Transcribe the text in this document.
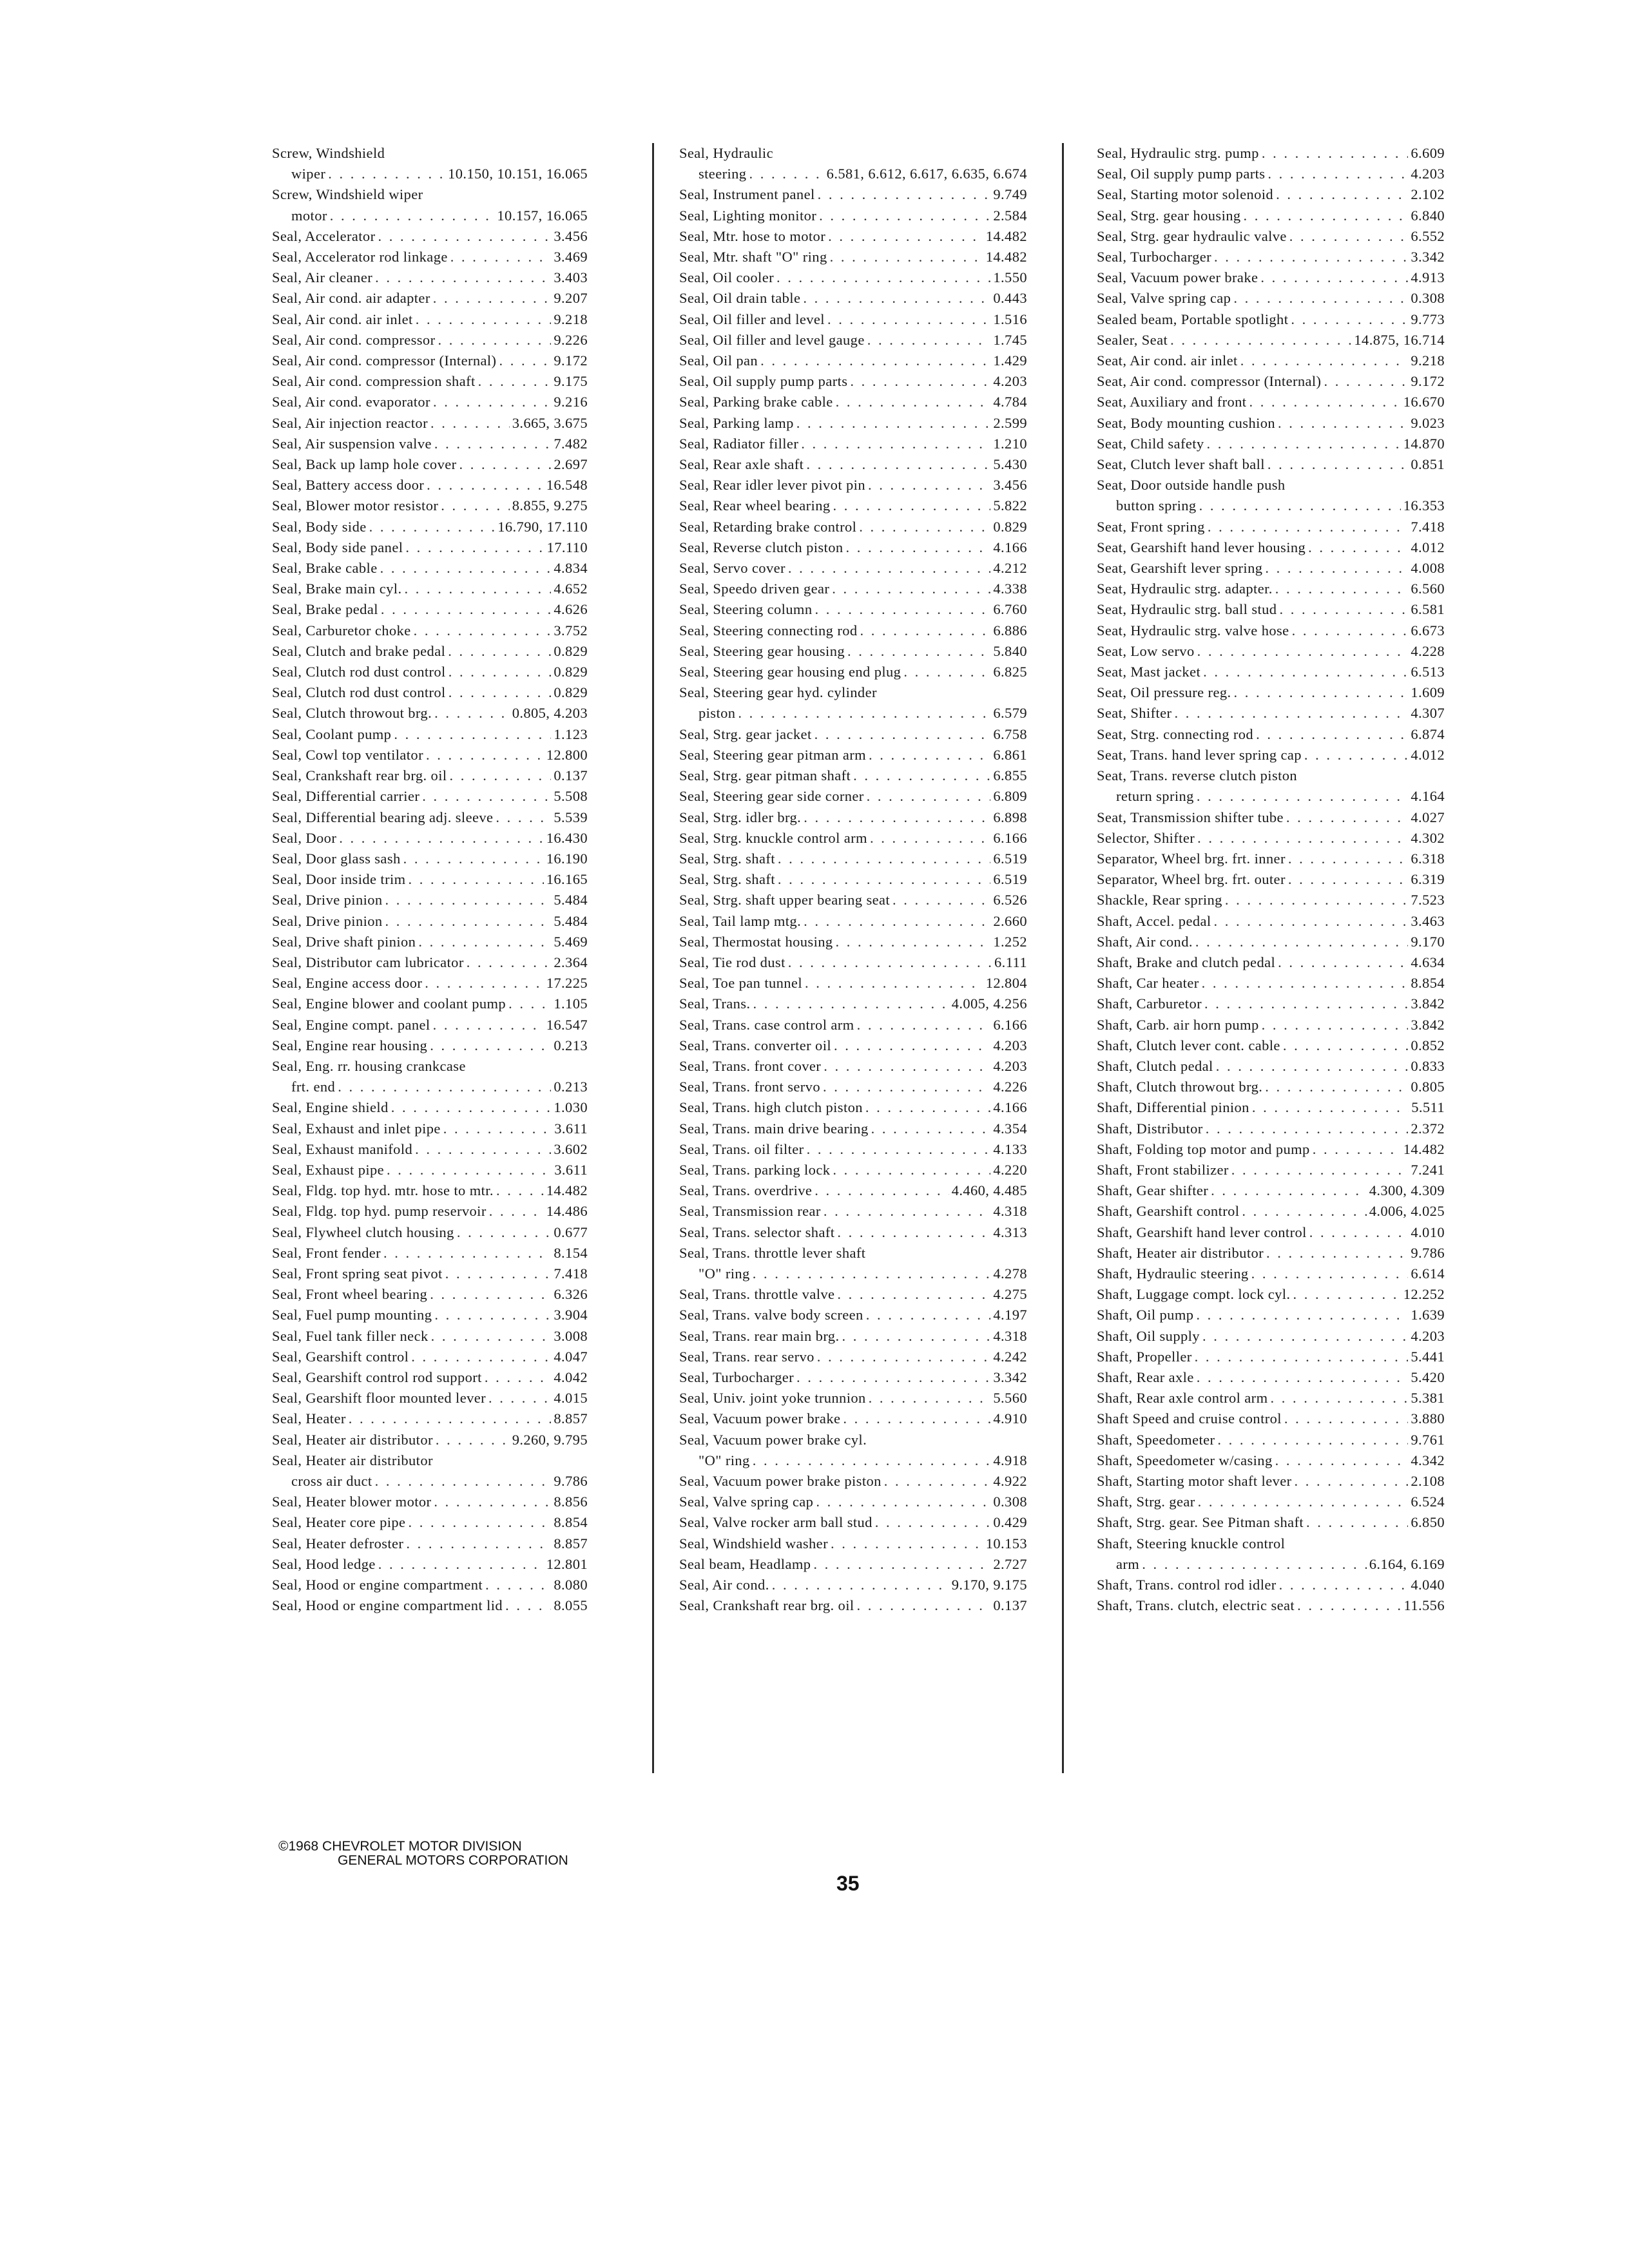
Screw, Windshield
wiper . . .	10.150, 10.151, 16.065
Screw, Windshield wiper
motor . . .	10.157, 16.065
Seal, Accelerator . . .	3.456
Seal, Accelerator rod linkage . . .	3.469
Seal, Air cleaner . . .	3.403
Seal, Air cond. air adapter . . .	9.207
Seal, Air cond. air inlet . . .	9.218
Seal, Air cond. compressor . . .	9.226
Seal, Air cond. compressor (Internal) . . .	9.172
Seal, Air cond. compression shaft . . .	9.175
Seal, Air cond. evaporator . . .	9.216
Seal, Air injection reactor . . .	3.665, 3.675
Seal, Air suspension valve . . .	7.482
Seal, Back up lamp hole cover . . .	2.697
Seal, Battery access door . . .	16.548
Seal, Blower motor resistor . . .	8.855, 9.275
Seal, Body side . . .	16.790, 17.110
Seal, Body side panel . . .	17.110
Seal, Brake cable . . .	4.834
Seal, Brake main cyl. . . .	4.652
Seal, Brake pedal . . .	4.626
Seal, Carburetor choke . . .	3.752
Seal, Clutch and brake pedal . . .	0.829
Seal, Clutch rod dust control . . .	0.829
Seal, Clutch rod dust control . . .	0.829
Seal, Clutch throwout brg. . . .	0.805, 4.203
Seal, Coolant pump . . .	1.123
Seal, Cowl top ventilator . . .	12.800
Seal, Crankshaft rear brg. oil . . .	0.137
Seal, Differential carrier . . .	5.508
Seal, Differential bearing adj. sleeve . . .	5.539
Seal, Door . . .	16.430
Seal, Door glass sash . . .	16.190
Seal, Door inside trim . . .	16.165
Seal, Drive pinion . . .	5.484
Seal, Drive pinion . . .	5.484
Seal, Drive shaft pinion . . .	5.469
Seal, Distributor cam lubricator . . .	2.364
Seal, Engine access door . . .	17.225
Seal, Engine blower and coolant pump . . .	1.105
Seal, Engine compt. panel . . .	16.547
Seal, Engine rear housing . . .	0.213
Seal, Eng. rr. housing crankcase
frt. end . . .	0.213
Seal, Engine shield . . .	1.030
Seal, Exhaust and inlet pipe . . .	3.611
Seal, Exhaust manifold . . .	3.602
Seal, Exhaust pipe . . .	3.611
Seal, Fldg. top hyd. mtr. hose to mtr. . . .	14.482
Seal, Fldg. top hyd. pump reservoir . . .	14.486
Seal, Flywheel clutch housing . . .	0.677
Seal, Front fender . . .	8.154
Seal, Front spring seat pivot . . .	7.418
Seal, Front wheel bearing . . .	6.326
Seal, Fuel pump mounting . . .	3.904
Seal, Fuel tank filler neck . . .	3.008
Seal, Gearshift control . . .	4.047
Seal, Gearshift control rod support . . .	4.042
Seal, Gearshift floor mounted lever . . .	4.015
Seal, Heater . . .	8.857
Seal, Heater air distributor . . .	9.260, 9.795
Seal, Heater air distributor
cross air duct . . .	9.786
Seal, Heater blower motor . . .	8.856
Seal, Heater core pipe . . .	8.854
Seal, Heater defroster . . .	8.857
Seal, Hood ledge . . .	12.801
Seal, Hood or engine compartment . . .	8.080
Seal, Hood or engine compartment lid . . .	8.055
Seal, Hydraulic
steering . . .	6.581, 6.612, 6.617, 6.635, 6.674
Seal, Instrument panel . . .	9.749
Seal, Lighting monitor . . .	2.584
Seal, Mtr. hose to motor . . .	14.482
Seal, Mtr. shaft "O" ring . . .	14.482
Seal, Oil cooler . . .	1.550
Seal, Oil drain table . . .	0.443
Seal, Oil filler and level . . .	1.516
Seal, Oil filler and level gauge . . .	1.745
Seal, Oil pan . . .	1.429
Seal, Oil supply pump parts . . .	4.203
Seal, Parking brake cable . . .	4.784
Seal, Parking lamp . . .	2.599
Seal, Radiator filler . . .	1.210
Seal, Rear axle shaft . . .	5.430
Seal, Rear idler lever pivot pin . . .	3.456
Seal, Rear wheel bearing . . .	5.822
Seal, Retarding brake control . . .	0.829
Seal, Reverse clutch piston . . .	4.166
Seal, Servo cover . . .	4.212
Seal, Speedo driven gear . . .	4.338
Seal, Steering column . . .	6.760
Seal, Steering connecting rod . . .	6.886
Seal, Steering gear housing . . .	5.840
Seal, Steering gear housing end plug . . .	6.825
Seal, Steering gear hyd. cylinder
piston . . .	6.579
Seal, Strg. gear jacket . . .	6.758
Seal, Steering gear pitman arm . . .	6.861
Seal, Strg. gear pitman shaft . . .	6.855
Seal, Steering gear side corner . . .	6.809
Seal, Strg. idler brg. . . .	6.898
Seal, Strg. knuckle control arm . . .	6.166
Seal, Strg. shaft . . .	6.519
Seal, Strg. shaft . . .	6.519
Seal, Strg. shaft upper bearing seat . . .	6.526
Seal, Tail lamp mtg. . . .	2.660
Seal, Thermostat housing . . .	1.252
Seal, Tie rod dust . . .	6.111
Seal, Toe pan tunnel . . .	12.804
Seal, Trans. . . .	4.005, 4.256
Seal, Trans. case control arm . . .	6.166
Seal, Trans. converter oil . . .	4.203
Seal, Trans. front cover . . .	4.203
Seal, Trans. front servo . . .	4.226
Seal, Trans. high clutch piston . . .	4.166
Seal, Trans. main drive bearing . . .	4.354
Seal, Trans. oil filter . . .	4.133
Seal, Trans. parking lock . . .	4.220
Seal, Trans. overdrive . . .	4.460, 4.485
Seal, Transmission rear . . .	4.318
Seal, Trans. selector shaft . . .	4.313
Seal, Trans. throttle lever shaft
"O" ring . . .	4.278
Seal, Trans. throttle valve . . .	4.275
Seal, Trans. valve body screen . . .	4.197
Seal, Trans. rear main brg. . . .	4.318
Seal, Trans. rear servo . . .	4.242
Seal, Turbocharger . . .	3.342
Seal, Univ. joint yoke trunnion . . .	5.560
Seal, Vacuum power brake . . .	4.910
Seal, Vacuum power brake cyl.
"O" ring . . .	4.918
Seal, Vacuum power brake piston . . .	4.922
Seal, Valve spring cap . . .	0.308
Seal, Valve rocker arm ball stud . . .	0.429
Seal, Windshield washer . . .	10.153
Seal beam, Headlamp . . .	2.727
Seal, Air cond. . . .	9.170, 9.175
Seal, Crankshaft rear brg. oil . . .	0.137
Seal, Hydraulic strg. pump . . .	6.609
Seal, Oil supply pump parts . . .	4.203
Seal, Starting motor solenoid . . .	2.102
Seal, Strg. gear housing . . .	6.840
Seal, Strg. gear hydraulic valve . . .	6.552
Seal, Turbocharger . . .	3.342
Seal, Vacuum power brake . . .	4.913
Seal, Valve spring cap . . .	0.308
Sealed beam, Portable spotlight . . .	9.773
Sealer, Seat . . .	14.875, 16.714
Seat, Air cond. air inlet . . .	9.218
Seat, Air cond. compressor (Internal) . . .	9.172
Seat, Auxiliary and front . . .	16.670
Seat, Body mounting cushion . . .	9.023
Seat, Child safety . . .	14.870
Seat, Clutch lever shaft ball . . .	0.851
Seat, Door outside handle push
button spring . . .	16.353
Seat, Front spring . . .	7.418
Seat, Gearshift hand lever housing . . .	4.012
Seat, Gearshift lever spring . . .	4.008
Seat, Hydraulic strg. adapter. . . .	6.560
Seat, Hydraulic strg. ball stud . . .	6.581
Seat, Hydraulic strg. valve hose . . .	6.673
Seat, Low servo . . .	4.228
Seat, Mast jacket . . .	6.513
Seat, Oil pressure reg. . . .	1.609
Seat, Shifter . . .	4.307
Seat, Strg. connecting rod . . .	6.874
Seat, Trans. hand lever spring cap . . .	4.012
Seat, Trans. reverse clutch piston
return spring . . .	4.164
Seat, Transmission shifter tube . . .	4.027
Selector, Shifter . . .	4.302
Separator, Wheel brg. frt. inner . . .	6.318
Separator, Wheel brg. frt. outer . . .	6.319
Shackle, Rear spring . . .	7.523
Shaft, Accel. pedal . . .	3.463
Shaft, Air cond. . . .	9.170
Shaft, Brake and clutch pedal . . .	4.634
Shaft, Car heater . . .	8.854
Shaft, Carburetor . . .	3.842
Shaft, Carb. air horn pump . . .	3.842
Shaft, Clutch lever cont. cable . . .	0.852
Shaft, Clutch pedal . . .	0.833
Shaft, Clutch throwout brg. . . .	0.805
Shaft, Differential pinion . . .	5.511
Shaft, Distributor . . .	2.372
Shaft, Folding top motor and pump . . .	14.482
Shaft, Front stabilizer . . .	7.241
Shaft, Gear shifter . . .	4.300, 4.309
Shaft, Gearshift control . . .	4.006, 4.025
Shaft, Gearshift hand lever control . . .	4.010
Shaft, Heater air distributor . . .	9.786
Shaft, Hydraulic steering . . .	6.614
Shaft, Luggage compt. lock cyl. . . .	12.252
Shaft, Oil pump . . .	1.639
Shaft, Oil supply . . .	4.203
Shaft, Propeller . . .	5.441
Shaft, Rear axle . . .	5.420
Shaft, Rear axle control arm . . .	5.381
Shaft Speed and cruise control . . .	3.880
Shaft, Speedometer . . .	9.761
Shaft, Speedometer w/casing . . .	4.342
Shaft, Starting motor shaft lever . . .	2.108
Shaft, Strg. gear . . .	6.524
Shaft, Strg. gear. See Pitman shaft . . .	6.850
Shaft, Steering knuckle control
arm . . .	6.164, 6.169
Shaft, Trans. control rod idler . . .	4.040
Shaft, Trans. clutch, electric seat . . .	11.556
©1968 CHEVROLET MOTOR DIVISION
GENERAL MOTORS CORPORATION
35
